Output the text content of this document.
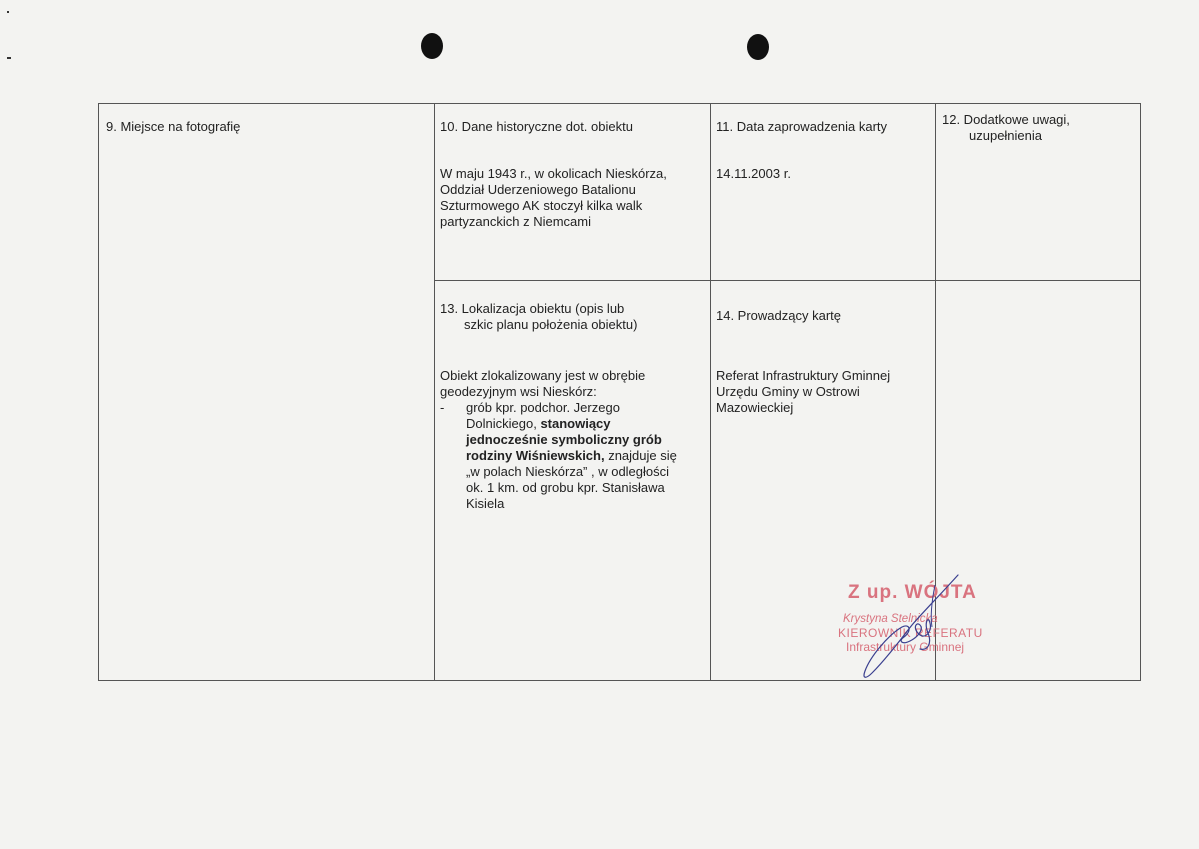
9. Miejsce na fotografię	10. Dane historyczne dot. obiektu
W maju 1943 r., w okolicach Nieskórza,
Oddział Uderzeniowego Batalionu
Szturmowego AK stoczył kilka walk
partyzanckich z Niemcami
11. Data zaprowadzenia karty
14.11.2003 r.
12. Dodatkowe uwagi,
uzupełnienia
13. Lokalizacja obiektu (opis lub
szkic planu położenia obiektu)
Obiekt zlokalizowany jest w obrębie
geodezyjnym wsi Nieskórz:
- grób kpr. podchor. Jerzego
Dolnickiego, stanowiący
jednocześnie symboliczny grób
rodziny Wiśniewskich, znajduje się
„w polach Nieskórza” , w odległości
ok. 1 km. od grobu kpr. Stanisława
Kisiela
14. Prowadzący kartę
Referat Infrastruktury Gminnej
Urzędu Gminy w Ostrowi
Mazowieckiej
Z up. WÓJTA
Krystyna Stelnicka
KIEROWNIK REFERATU
Infrastruktury Gminnej
